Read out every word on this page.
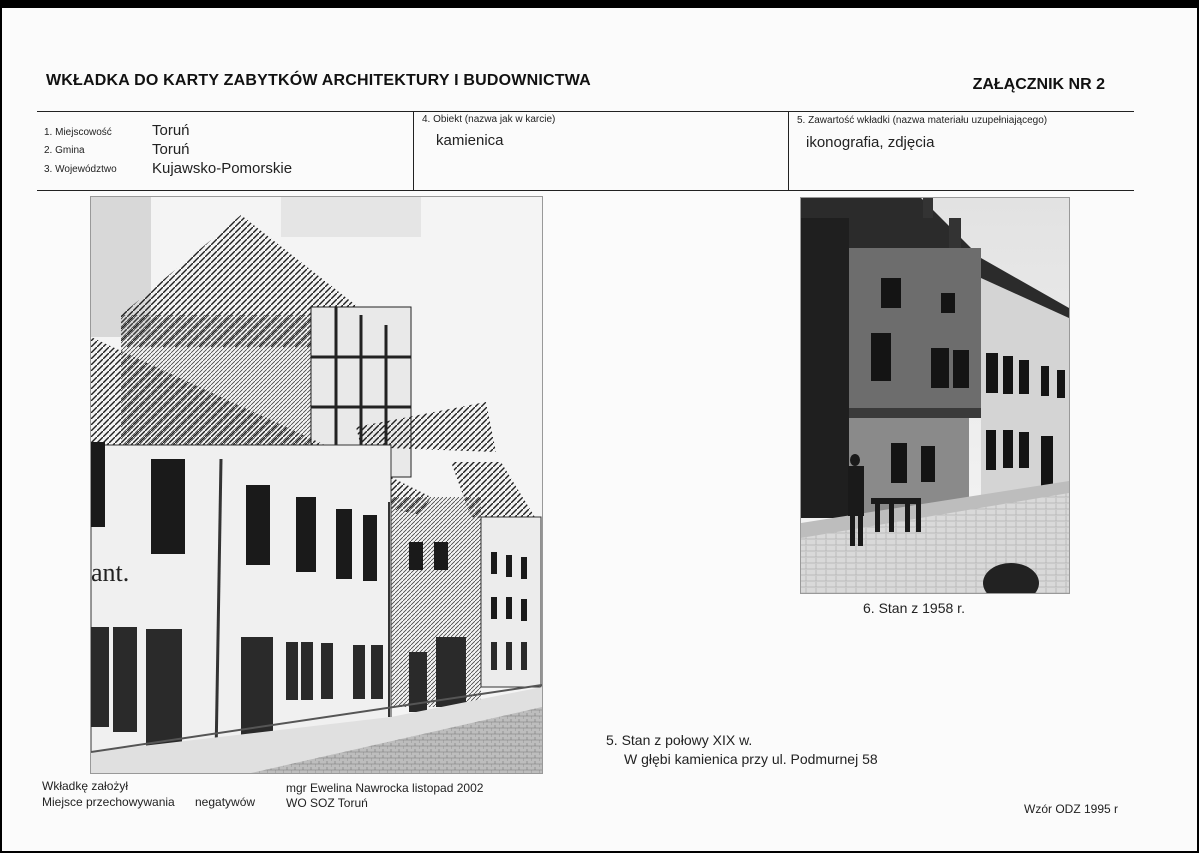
WKŁADKA DO KARTY ZABYTKÓW ARCHITEKTURY I BUDOWNICTWA	ZAŁĄCZNIK NR 2
1. Miejscowość	Toruń
2. Gmina	Toruń
3. Województwo Kujawsko-Pomorskie
4. Obiekt (nazwa jak w karcie)
kamienica
5. Zawartość wkładki (nazwa materiału uzupełniającego)
ikonografia, zdjęcia
ant.
6. Stan z 1958 r.
5. Stan z połowy XIX w.
W głębi kamienica przy ul. Podmurnej 58
Wkładkę założył	mgr Ewelina Nawrocka listopad 2002
Miejsce przechowywania negatywów	WO SOZ Toruń	Wzór ODZ 1995 r
